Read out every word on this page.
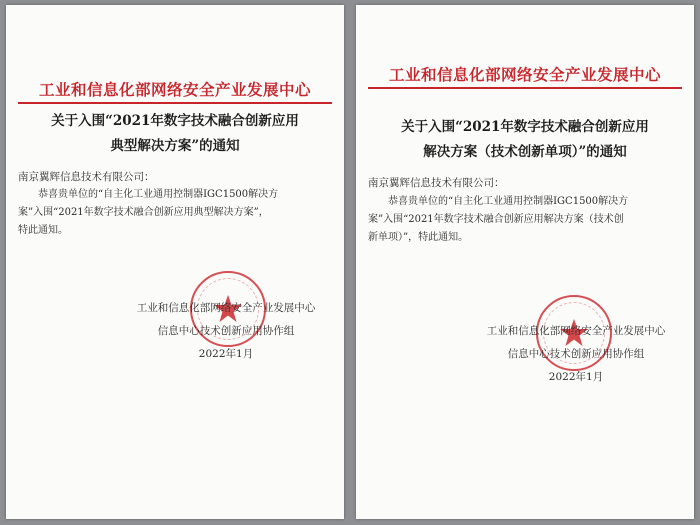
工业和信息化部网络安全产业发展中心
关于入围“2021年数字技术融合创新应用
典型解决方案”的通知
南京翼辉信息技术有限公司：
恭喜贵单位的“自主化工业通用控制器IGC1500解决方
案”入围“2021年数字技术融合创新应用典型解决方案”，
特此通知。
工业和信息化部网络安全产业发展中心
信息中心技术创新应用协作组
2022年1月
工业和信息化部网络安全产业发展中心
关于入围“2021年数字技术融合创新应用
解决方案（技术创新单项）”的通知
南京翼辉信息技术有限公司：
恭喜贵单位的“自主化工业通用控制器IGC1500解决方
案”入围“2021年数字技术融合创新应用解决方案（技术创
新单项）”，特此通知。
工业和信息化部网络安全产业发展中心
信息中心技术创新应用协作组
2022年1月
